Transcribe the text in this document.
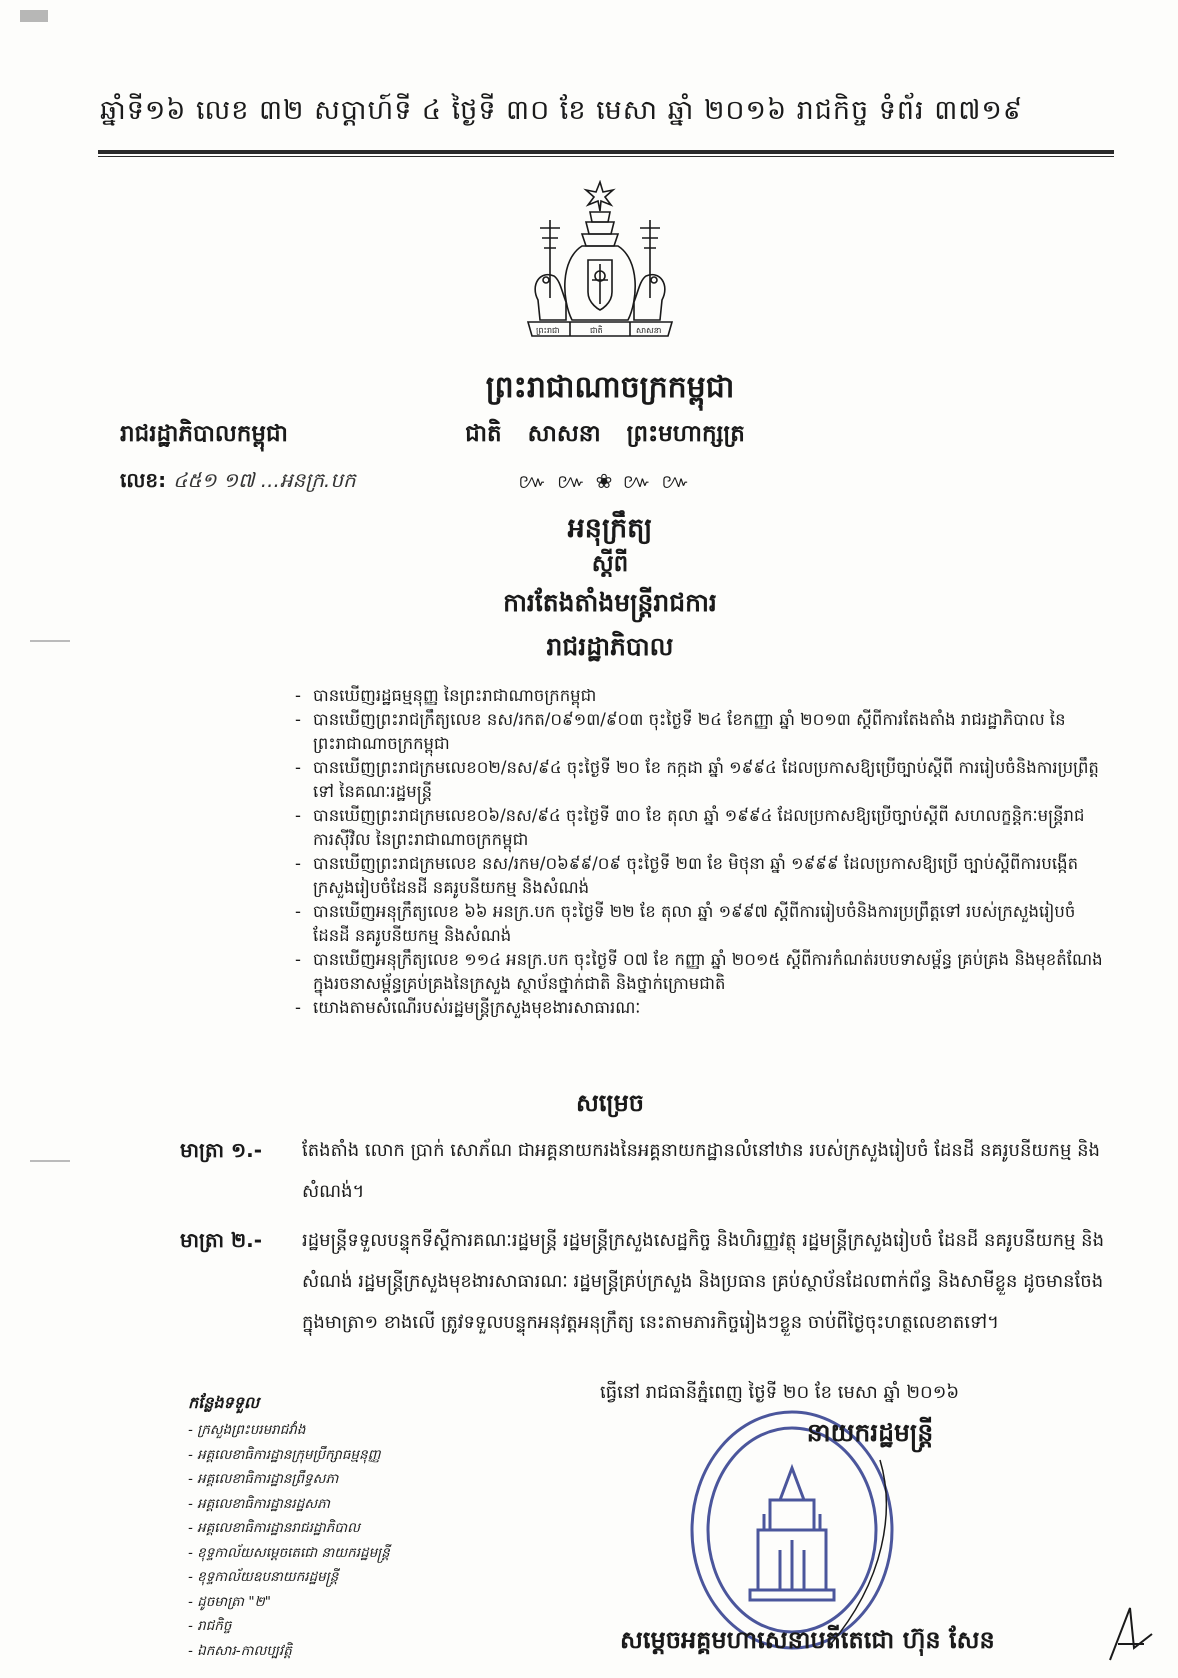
ឆ្នាំទី១៦ លេខ ៣២ សប្តាហ៍ទី ៤ ថ្ងៃទី ៣០ ខែ មេសា ឆ្នាំ ២០១៦ រាជកិច្ច ទំព័រ ៣៧១៩
ព្រះរាជា	ជាតិ	សាសនា
ព្រះរាជាណាចក្រកម្ពុជា
ជាតិ សាសនា ព្រះមហាក្សត្រ
៚ ៚ ❀ ៚ ៚
រាជរដ្ឋាភិបាលកម្ពុជា
លេខ: ៤៥១ ១៧ ...អនក្រ.បក
អនុក្រឹត្យ
ស្តីពី
ការតែងតាំងមន្ត្រីរាជការ
រាជរដ្ឋាភិបាល
- បានឃើញរដ្ឋធម្មនុញ្ញ នៃព្រះរាជាណាចក្រកម្ពុជា
- បានឃើញព្រះរាជក្រឹត្យលេខ នស/រកត/០៩១៣/៩០៣ ចុះថ្ងៃទី ២៤ ខែកញ្ញា ឆ្នាំ ២០១៣ ស្តីពីការតែងតាំង រាជរដ្ឋាភិបាល នៃព្រះរាជាណាចក្រកម្ពុជា
- បានឃើញព្រះរាជក្រមលេខ០២/នស/៩៤ ចុះថ្ងៃទី ២០ ខែ កក្កដា ឆ្នាំ ១៩៩៤ ដែលប្រកាសឱ្យប្រើច្បាប់ស្តីពី ការរៀបចំនិងការប្រព្រឹត្តទៅ នៃគណៈរដ្ឋមន្ត្រី
- បានឃើញព្រះរាជក្រមលេខ០៦/នស/៩៤ ចុះថ្ងៃទី ៣០ ខែ តុលា ឆ្នាំ ១៩៩៤ ដែលប្រកាសឱ្យប្រើច្បាប់ស្តីពី សហលក្ខន្តិកៈមន្ត្រីរាជការស៊ីវិល នៃព្រះរាជាណាចក្រកម្ពុជា
- បានឃើញព្រះរាជក្រមលេខ នស/រកម/០៦៩៩/០៩ ចុះថ្ងៃទី ២៣ ខែ មិថុនា ឆ្នាំ ១៩៩៩ ដែលប្រកាសឱ្យប្រើ ច្បាប់ស្តីពីការបង្កើតក្រសួងរៀបចំដែនដី នគរូបនីយកម្ម និងសំណង់
- បានឃើញអនុក្រឹត្យលេខ ៦៦ អនក្រ.បក ចុះថ្ងៃទី ២២ ខែ តុលា ឆ្នាំ ១៩៩៧ ស្តីពីការរៀបចំនិងការប្រព្រឹត្តទៅ របស់ក្រសួងរៀបចំដែនដី នគរូបនីយកម្ម និងសំណង់
- បានឃើញអនុក្រឹត្យលេខ ១១៤ អនក្រ.បក ចុះថ្ងៃទី ០៧ ខែ កញ្ញា ឆ្នាំ ២០១៥ ស្តីពីការកំណត់របបទាសម្ព័ន្ធ គ្រប់គ្រង និងមុខតំណែងក្នុងរចនាសម្ព័ន្ធគ្រប់គ្រងនៃក្រសួង ស្ថាប័នថ្នាក់ជាតិ និងថ្នាក់ក្រោមជាតិ
- យោងតាមសំណើរបស់រដ្ឋមន្ត្រីក្រសួងមុខងារសាធារណៈ
សម្រេច
មាត្រា ១.- តែងតាំង លោក ប្រាក់ សោភ័ណ ជាអគ្គនាយករងនៃអគ្គនាយកដ្ឋានលំនៅឋាន របស់ក្រសួងរៀបចំ ដែនដី នគរូបនីយកម្ម និងសំណង់។
មាត្រា ២.- រដ្ឋមន្ត្រីទទួលបន្ទុកទីស្តីការគណៈរដ្ឋមន្ត្រី រដ្ឋមន្ត្រីក្រសួងសេដ្ឋកិច្ច និងហិរញ្ញវត្ថុ រដ្ឋមន្ត្រីក្រសួងរៀបចំ ដែនដី នគរូបនីយកម្ម និងសំណង់ រដ្ឋមន្ត្រីក្រសួងមុខងារសាធារណៈ រដ្ឋមន្ត្រីគ្រប់ក្រសួង និងប្រធាន គ្រប់ស្ថាប័នដែលពាក់ព័ន្ធ និងសាមីខ្លួន ដូចមានចែងក្នុងមាត្រា១ ខាងលើ ត្រូវទទួលបន្ទុកអនុវត្តអនុក្រឹត្យ នេះតាមភារកិច្ចរៀងៗខ្លួន ចាប់ពីថ្ងៃចុះហត្ថលេខាតទៅ។
ធ្វើនៅ រាជធានីភ្នំពេញ ថ្ងៃទី ២០ ខែ មេសា ឆ្នាំ ២០១៦
នាយករដ្ឋមន្ត្រី
សម្តេចអគ្គមហាសេនាបតីតេជោ ហ៊ុន សែន
កន្លែងទទួល
- ក្រសួងព្រះបរមរាជវាំង
- អគ្គលេខាធិការដ្ឋានក្រុមប្រឹក្សាធម្មនុញ្ញ
- អគ្គលេខាធិការដ្ឋានព្រឹទ្ធសភា
- អគ្គលេខាធិការដ្ឋានរដ្ឋសភា
- អគ្គលេខាធិការដ្ឋានរាជរដ្ឋាភិបាល
- ខុទ្ទកាល័យសម្តេចតេជោ នាយករដ្ឋមន្ត្រី
- ខុទ្ទកាល័យឧបនាយករដ្ឋមន្ត្រី
- ដូចមាត្រា "២"
- រាជកិច្ច
- ឯកសារ-កាលប្បវត្តិ
